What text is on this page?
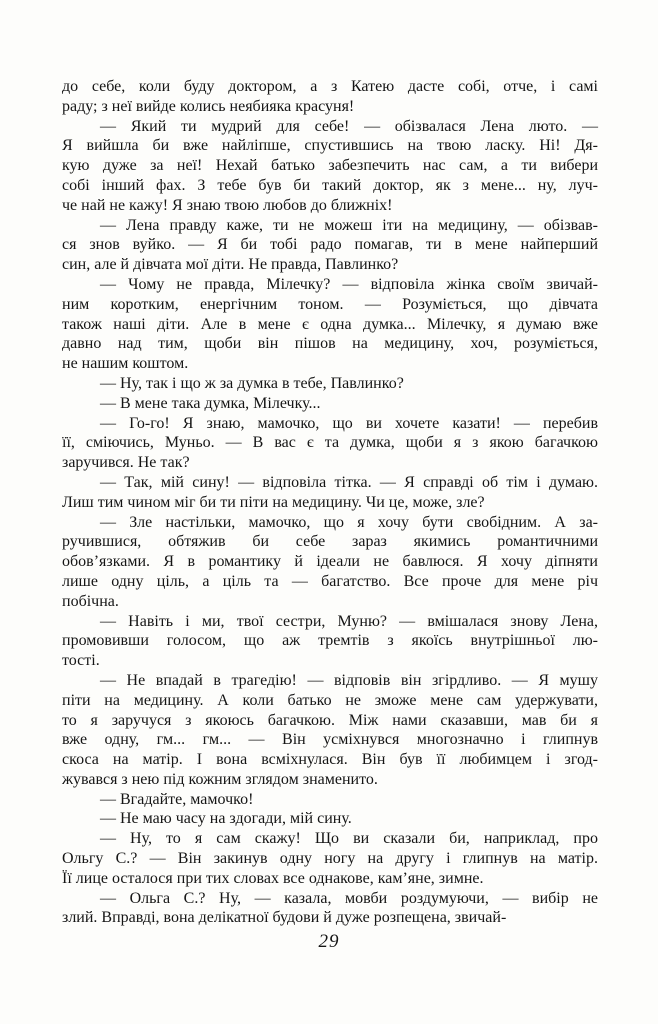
до себе, коли буду доктором, а з Катею дасте собі, отче, і самі
раду; з неї вийде колись неябияка красуня!
— Який ти мудрий для себе! — обізвалася Лена люто. —
Я вийшла би вже найліпше, спустившись на твою ласку. Ні! Дя-
кую дуже за неї! Нехай батько забезпечить нас сам, а ти вибери
собі інший фах. З тебе був би такий доктор, як з мене... ну, луч-
че най не кажу! Я знаю твою любов до ближніх!
— Лена правду каже, ти не можеш іти на медицину, — обізвав-
ся знов вуйко. — Я би тобі радо помагав, ти в мене найперший
син, але й дівчата мої діти. Не правда, Павлинко?
— Чому не правда, Мілечку? — відповіла жінка своїм звичай-
ним коротким, енергічним тоном. — Розуміється, що дівчата
також наші діти. Але в мене є одна думка... Мілечку, я думаю вже
давно над тим, щоби він пішов на медицину, хоч, розуміється,
не нашим коштом.
— Ну, так і що ж за думка в тебе, Павлинко?
— В мене така думка, Мілечку...
— Го-го! Я знаю, мамочко, що ви хочете казати! — перебив
її, сміючись, Муньо. — В вас є та думка, щоби я з якою багачкою
заручився. Не так?
— Так, мій сину! — відповіла тітка. — Я справді об тім і думаю.
Лиш тим чином міг би ти піти на медицину. Чи це, може, зле?
— Зле настільки, мамочко, що я хочу бути свобідним. А за-
ручившися, обтяжив би себе зараз якимись романтичними
обов’язками. Я в романтику й ідеали не бавлюся. Я хочу діпняти
лише одну ціль, а ціль та — багатство. Все проче для мене річ
побічна.
— Навіть і ми, твої сестри, Муню? — вмішалася знову Лена,
промовивши голосом, що аж тремтів з якоїсь внутрішньої лю-
тості.
— Не впадай в трагедію! — відповів він згірдливо. — Я мушу
піти на медицину. А коли батько не зможе мене сам удержувати,
то я заручуся з якоюсь багачкою. Між нами сказавши, мав би я
вже одну, гм... гм... — Він усміхнувся многозначно і глипнув
скоса на матір. І вона всміхнулася. Він був її любимцем і згод-
жувався з нею під кожним зглядом знаменито.
— Вгадайте, мамочко!
— Не маю часу на здогади, мій сину.
— Ну, то я сам скажу! Що ви сказали би, наприклад, про
Ольгу С.? — Він закинув одну ногу на другу і глипнув на матір.
Її лице осталося при тих словах все однакове, кам’яне, зимне.
— Ольга С.? Ну, — казала, мовби роздумуючи, — вибір не
злий. Вправді, вона делікатної будови й дуже розпещена, звичай-
29
